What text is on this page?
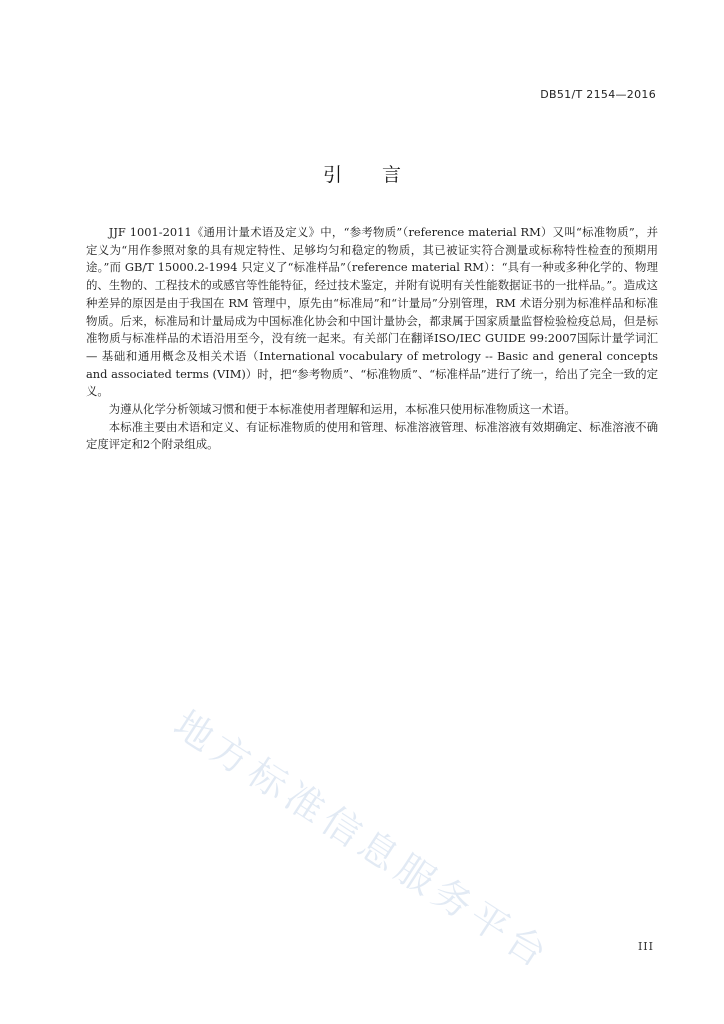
DB51/T 2154—2016
引言

JJF 1001-2011《通用计量术语及定义》中，“参考物质”（reference material RM）又叫“标准物质”，并定义为“用作参照对象的具有规定特性、足够均匀和稳定的物质，其已被证实符合测量或标称特性检查的预期用途。”而 GB/T 15000.2-1994 只定义了“标准样品”（reference material RM）：“具有一种或多种化学的、物理的、生物的、工程技术的或感官等性能特征，经过技术鉴定，并附有说明有关性能数据证书的一批样品。”。造成这种差异的原因是由于我国在 RM 管理中，原先由“标准局”和“计量局”分别管理，RM 术语分别为标准样品和标准物质。后来，标准局和计量局成为中国标准化协会和中国计量协会，都隶属于国家质量监督检验检疫总局，但是标准物质与标准样品的术语沿用至今，没有统一起来。有关部门在翻译ISO/IEC GUIDE 99:2007国际计量学词汇— 基础和通用概念及相关术语（International vocabulary of metrology -- Basic and general concepts and associated terms (VIM)）时，把“参考物质”、“标准物质”、“标准样品”进行了统一，给出了完全一致的定义。

为遵从化学分析领域习惯和便于本标准使用者理解和运用，本标准只使用标准物质这一术语。

本标准主要由术语和定义、有证标准物质的使用和管理、标准溶液管理、标准溶液有效期确定、标准溶液不确定度评定和2个附录组成。

地方标准信息服务平台	III
